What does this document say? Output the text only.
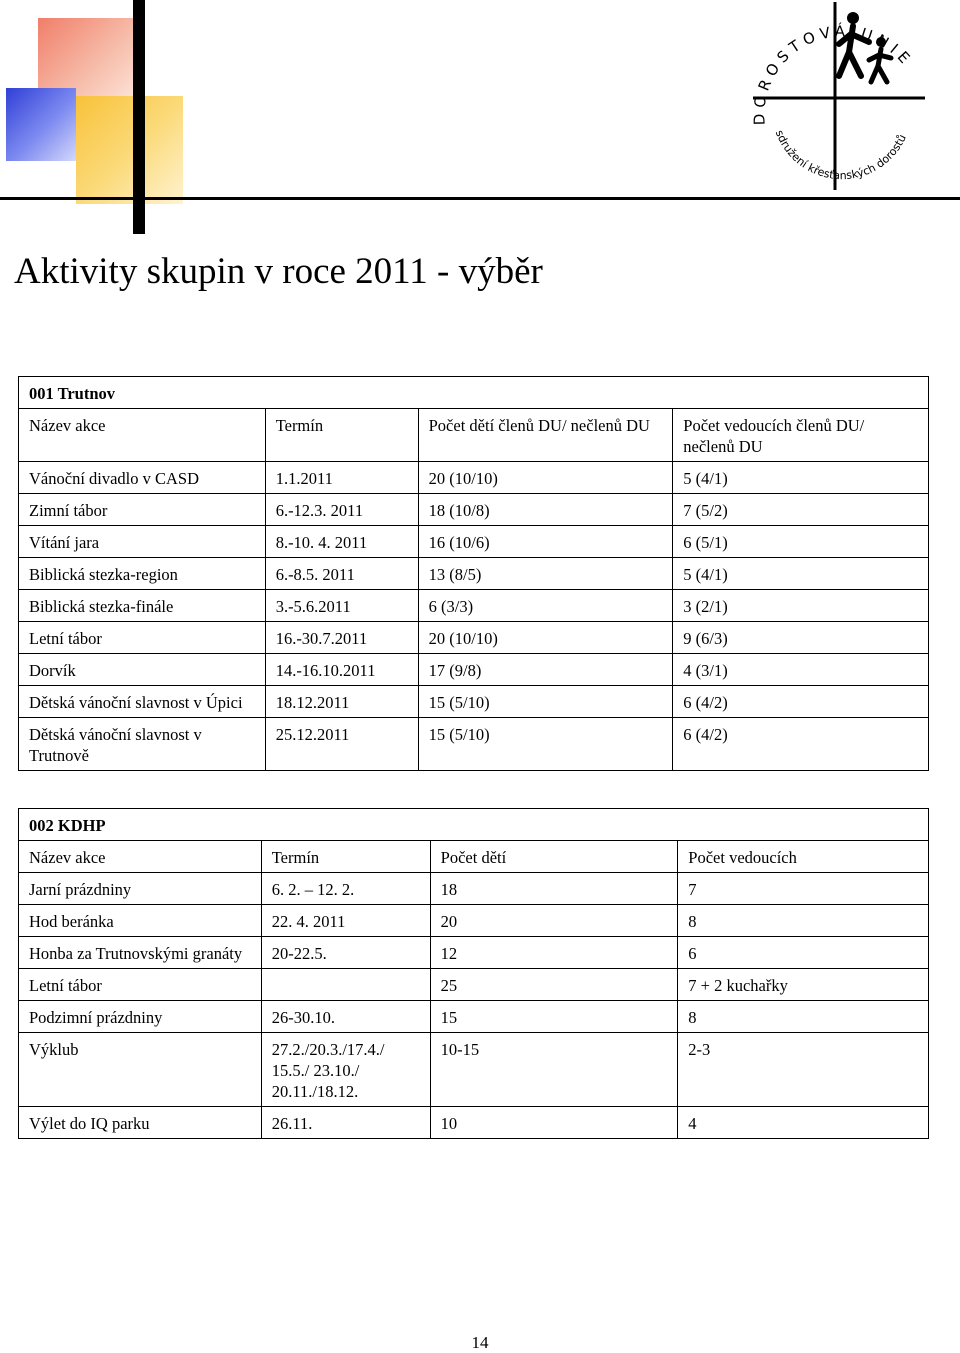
DOROSTOVÁ UNIE
sdružení křesťanských dorostů
Aktivity skupin v roce 2011 - výběr
001 Trutnov			
Název akce	Termín	Počet dětí členů DU/ nečlenů DU	Počet vedoucích členů DU/ nečlenů DU
Vánoční divadlo v CASD	1.1.2011	20 (10/10)	5 (4/1)
Zimní tábor	6.-12.3. 2011	18 (10/8)	7 (5/2)
Vítání jara	8.-10. 4. 2011	16 (10/6)	6 (5/1)
Biblická stezka-region	6.-8.5. 2011	13 (8/5)	5 (4/1)
Biblická stezka-finále	3.-5.6.2011	6 (3/3)	3 (2/1)
Letní tábor	16.-30.7.2011	20 (10/10)	9 (6/3)
Dorvík	14.-16.10.2011	17 (9/8)	4 (3/1)
Dětská vánoční slavnost v Úpici	18.12.2011	15 (5/10)	6 (4/2)
Dětská vánoční slavnost v Trutnově	25.12.2011	15 (5/10)	6 (4/2)
002 KDHP			
Název akce	Termín	Počet dětí	Počet vedoucích
Jarní prázdniny	6. 2. – 12. 2.	18	7
Hod beránka	22. 4. 2011	20	8
Honba za Trutnovskými granáty	20-22.5.	12	6
Letní tábor		25	7 + 2 kuchařky
Podzimní prázdniny	26-30.10.	15	8
Výklub	27.2./20.3./17.4./ 15.5./ 23.10./ 20.11./18.12.	10-15	2-3
Výlet do IQ parku	26.11.	10	4
14
